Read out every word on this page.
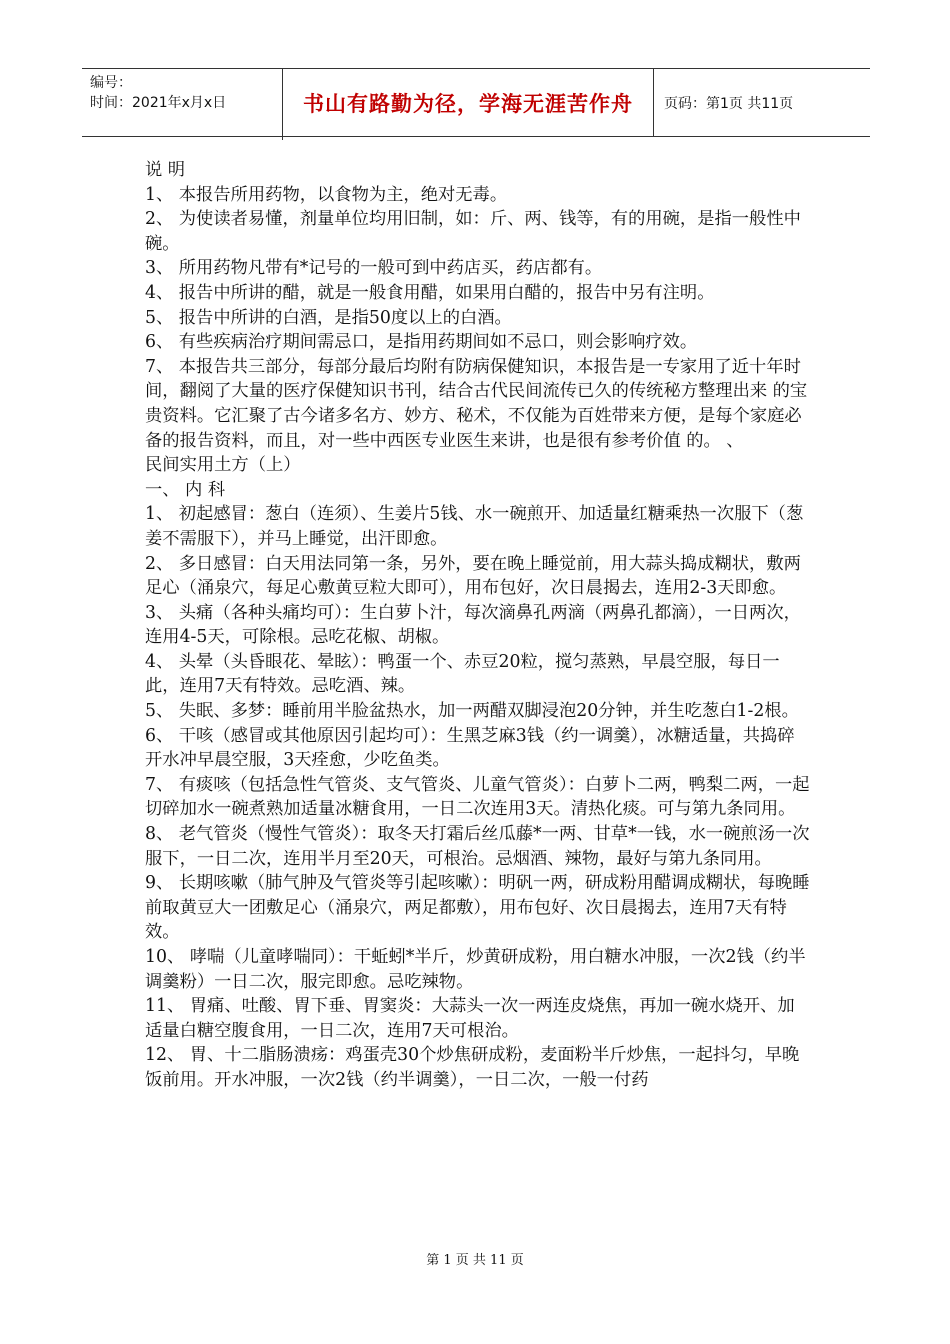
编号：
时间：2021年x月x日	书山有路勤为径，学海无涯苦作舟	页码：第1页 共11页

说 明

1、 本报告所用药物，以食物为主，绝对无毒。

2、 为使读者易懂，剂量单位均用旧制，如：斤、两、钱等，有的用碗，是指一般性中碗。

3、 所用药物凡带有*记号的一般可到中药店买，药店都有。

4、 报告中所讲的醋，就是一般食用醋，如果用白醋的，报告中另有注明。

5、 报告中所讲的白酒，是指50度以上的白酒。

6、 有些疾病治疗期间需忌口，是指用药期间如不忌口，则会影响疗效。

7、 本报告共三部分，每部分最后均附有防病保健知识，本报告是一专家用了近十年时间，翻阅了大量的医疗保健知识书刊，结合古代民间流传已久的传统秘方整理出来 的宝贵资料。它汇聚了古今诸多名方、妙方、秘术，不仅能为百姓带来方便，是每个家庭必备的报告资料，而且，对一些中西医专业医生来讲，也是很有参考价值 的。 、

民间实用土方（上）

一、 内 科

1、 初起感冒：葱白（连须）、生姜片5钱、水一碗煎开、加适量红糖乘热一次服下（葱姜不需服下），并马上睡觉，出汗即愈。

2、 多日感冒：白天用法同第一条，另外，要在晚上睡觉前，用大蒜头捣成糊状，敷两足心（涌泉穴，每足心敷黄豆粒大即可），用布包好，次日晨揭去，连用2-3天即愈。

3、 头痛（各种头痛均可）：生白萝卜汁，每次滴鼻孔两滴（两鼻孔都滴），一日两次，连用4-5天，可除根。忌吃花椒、胡椒。

4、 头晕（头昏眼花、晕眩）：鸭蛋一个、赤豆20粒，搅匀蒸熟，早晨空服，每日一此，连用7天有特效。忌吃酒、辣。

5、 失眠、多梦：睡前用半脸盆热水，加一两醋双脚浸泡20分钟，并生吃葱白1-2根。

6、 干咳（感冒或其他原因引起均可）：生黑芝麻3钱（约一调羹），冰糖适量，共捣碎开水冲早晨空服，3天痊愈，少吃鱼类。

7、 有痰咳（包括急性气管炎、支气管炎、儿童气管炎）：白萝卜二两，鸭梨二两，一起切碎加水一碗煮熟加适量冰糖食用，一日二次连用3天。清热化痰。可与第九条同用。

8、 老气管炎（慢性气管炎）：取冬天打霜后丝瓜藤*一两、甘草*一钱，水一碗煎汤一次服下，一日二次，连用半月至20天，可根治。忌烟酒、辣物，最好与第九条同用。

9、 长期咳嗽（肺气肿及气管炎等引起咳嗽）：明矾一两，研成粉用醋调成糊状，每晚睡前取黄豆大一团敷足心（涌泉穴，两足都敷），用布包好、次日晨揭去，连用7天有特效。

10、 哮喘（儿童哮喘同）：干蚯蚓*半斤，炒黄研成粉，用白糖水冲服，一次2钱（约半调羹粉）一日二次，服完即愈。忌吃辣物。

11、 胃痛、吐酸、胃下垂、胃窦炎：大蒜头一次一两连皮烧焦，再加一碗水烧开、加适量白糖空腹食用，一日二次，连用7天可根治。

12、 胃、十二脂肠溃疡：鸡蛋壳30个炒焦研成粉，麦面粉半斤炒焦，一起抖匀，早晚饭前用。开水冲服，一次2钱（约半调羹），一日二次，一般一付药

第 1 页 共 11 页
